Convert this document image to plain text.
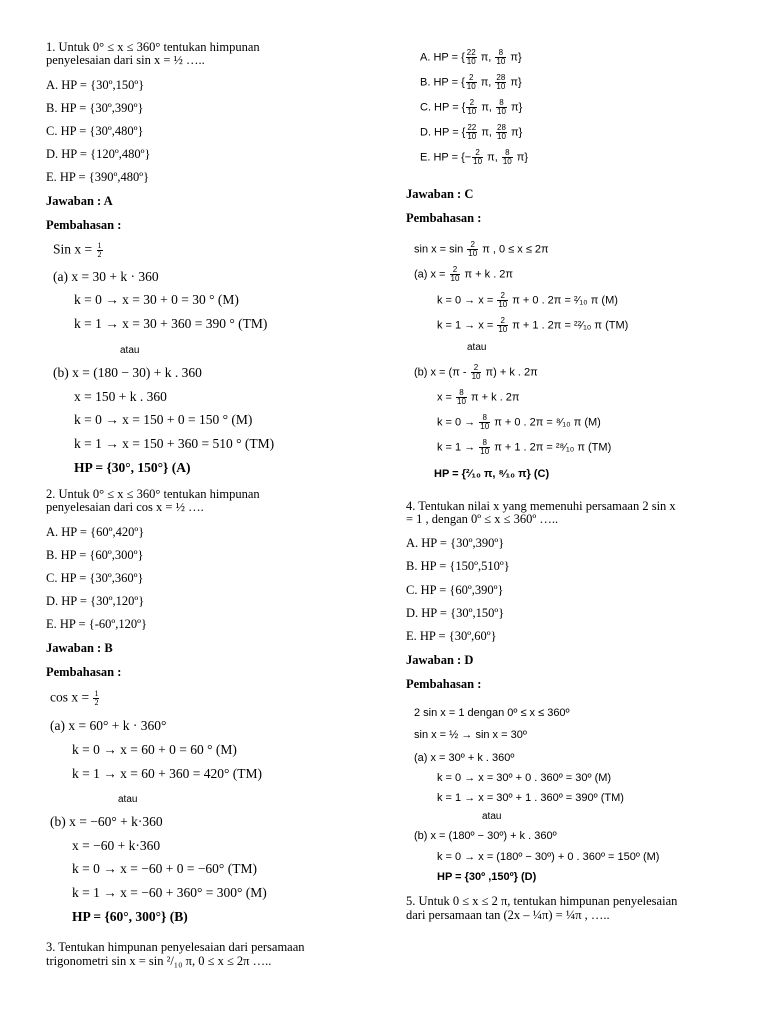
1. Untuk 0° ≤ x ≤ 360° tentukan himpunan
penyelesaian dari sin x = ½ …..
A. HP = {30º,150º}
B. HP = {30º,390º}
C. HP = {30º,480º}
D. HP = {120º,480º}
E. HP = {390º,480º}
Jawaban : A
Pembahasan :
Sin $x = \frac{1}{2}$
(a) x = 30 + k · 360
k = 0 → x = 30 + 0 = 30 ° (M)
k = 1 → x = 30 + 360 = 390 ° (TM)
atau
(b) x = (180 − 30) + k . 360
x = 150 + k . 360
k = 0 → x = 150 + 0 = 150 ° (M)
k = 1 → x = 150 + 360 = 510 ° (TM)
HP = {30°, 150°} (A)
2. Untuk 0° ≤ x ≤ 360° tentukan himpunan
penyelesaian dari cos x = ½ ….
A. HP = {60º,420º}
B. HP = {60º,300º}
C. HP = {30º,360º}
D. HP = {30º,120º}
E. HP = {-60º,120º}
Jawaban : B
Pembahasan :
$\cos x = \frac{1}{2}$
(a) x = 60° + k · 360°
k = 0 → x = 60 + 0 = 60 ° (M)
k = 1 → x = 60 + 360 = 420° (TM)
atau
(b) x = −60° + k·360
x = −60 + k·360
k = 0 → x = −60 + 0 = −60° (TM)
k = 1 → x = −60 + 360° = 300° (M)
HP = {60°, 300°} (B)
3. Tentukan himpunan penyelesaian dari persamaan
trigonometri sin x = sin ²/₁₀ π, 0 ≤ x ≤ 2π …..
A. HP = { $\frac{22}{10} \pi$, $\frac{8}{10} \pi$}
B. HP = { $\frac{2}{10} \pi$, $\frac{28}{10} \pi$}
C. HP = { $\frac{2}{10} \pi$, $\frac{8}{10} \pi$}
D. HP = { $\frac{22}{10} \pi$, $\frac{28}{10} \pi$}
E. HP = {− $\frac{2}{10} \pi$, $\frac{8}{10} \pi$}
Jawaban : C
Pembahasan :
$\sin x = \sin \frac{2}{10}$ π , 0 ≤ x ≤ 2π
(a) $x = \frac{2}{10}$ π + k . 2π
$k = 0 \to x = \frac{2}{10}$ π + 0 . 2π = ²⁄₁₀ π (M)
$k = 1 \to x = \frac{2}{10}$ π + 1 . 2π = ²²⁄₁₀ π (TM)
atau
(b) $x = (\pi - \frac{2}{10} \pi) + k$ . 2π
$x = \frac{8}{10}$ π + k . 2π
$k = 0 \to \frac{8}{10}$ π + 0 . 2π = ⁸⁄₁₀ π (M)
$k = 1 \to \frac{8}{10}$ π + 1 . 2π = ²⁸⁄₁₀ π (TM)
HP = {²⁄₁₀ π, ⁸⁄₁₀ π} (C)
4. Tentukan nilai x yang memenuhi persamaan 2 sin x
= 1 , dengan 0º ≤ x ≤ 360º …..
A. HP = {30º,390º}
B. HP = {150º,510º}
C. HP = {60º,390º}
D. HP = {30º,150º}
E. HP = {30º,60º}
Jawaban : D
Pembahasan :
2 sin x = 1 dengan 0º ≤ x ≤ 360º
sin x = ½ → sin x = 30º
(a) x = 30º + k . 360º
k = 0 → x = 30º + 0 . 360º = 30º (M)
k = 1 → x = 30º + 1 . 360º = 390º (TM)
atau
(b) x = (180º − 30º) + k . 360º
k = 0 → x = (180º − 30º) + 0 . 360º = 150º (M)
HP = {30º ,150º} (D)
5. Untuk 0 ≤ x ≤ 2 π, tentukan himpunan penyelesaian
dari persamaan tan (2x – ¼π) = ¼π , …..
